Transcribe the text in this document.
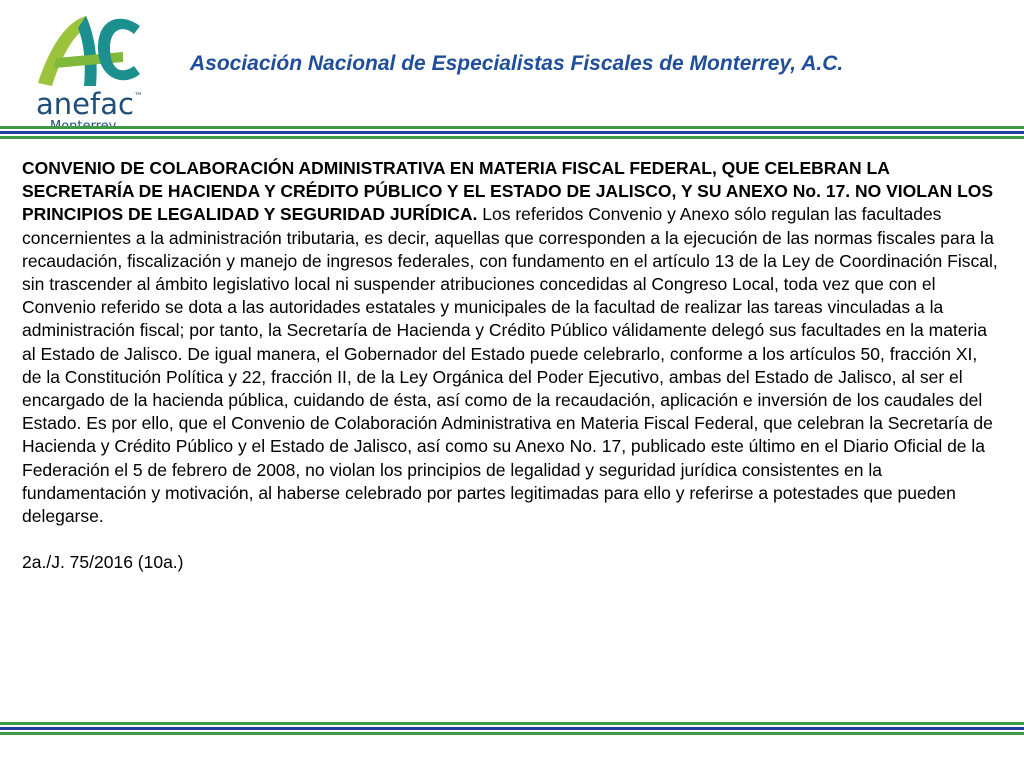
anefac™
Asociación Nacional de Especialistas Fiscales de Monterrey, A.C.

CONVENIO DE COLABORACIÓN ADMINISTRATIVA EN MATERIA FISCAL FEDERAL, QUE CELEBRAN LA SECRETARÍA DE HACIENDA Y CRÉDITO PÚBLICO Y EL ESTADO DE JALISCO, Y SU ANEXO No. 17. NO VIOLAN LOS PRINCIPIOS DE LEGALIDAD Y SEGURIDAD JURÍDICA. Los referidos Convenio y Anexo sólo regulan las facultades concernientes a la administración tributaria, es decir, aquellas que corresponden a la ejecución de las normas fiscales para la recaudación, fiscalización y manejo de ingresos federales, con fundamento en el artículo 13 de la Ley de Coordinación Fiscal, sin trascender al ámbito legislativo local ni suspender atribuciones concedidas al Congreso Local, toda vez que con el Convenio referido se dota a las autoridades estatales y municipales de la facultad de realizar las tareas vinculadas a la administración fiscal; por tanto, la Secretaría de Hacienda y Crédito Público válidamente delegó sus facultades en la materia al Estado de Jalisco. De igual manera, el Gobernador del Estado puede celebrarlo, conforme a los artículos 50, fracción XI, de la Constitución Política y 22, fracción II, de la Ley Orgánica del Poder Ejecutivo, ambas del Estado de Jalisco, al ser el encargado de la hacienda pública, cuidando de ésta, así como de la recaudación, aplicación e inversión de los caudales del Estado. Es por ello, que el Convenio de Colaboración Administrativa en Materia Fiscal Federal, que celebran la Secretaría de Hacienda y Crédito Público y el Estado de Jalisco, así como su Anexo No. 17, publicado este último en el Diario Oficial de la Federación el 5 de febrero de 2008, no violan los principios de legalidad y seguridad jurídica consistentes en la fundamentación y motivación, al haberse celebrado por partes legitimadas para ello y referirse a potestades que pueden delegarse.

2a./J. 75/2016 (10a.)
